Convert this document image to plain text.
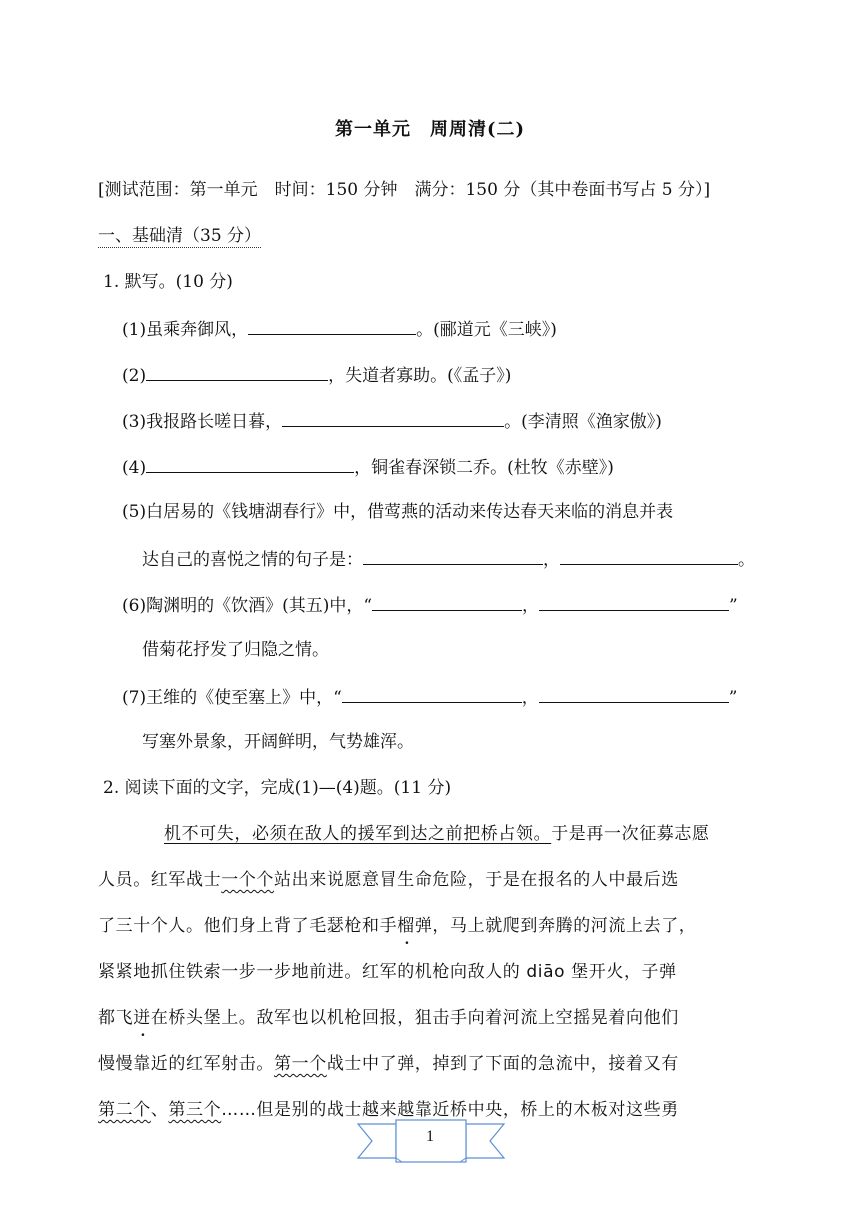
第一单元　周周清(二)
[测试范围：第一单元　时间：150 分钟　满分：150 分（其中卷面书写占 5 分）]
一、基础清（35 分）
1. 默写。(10 分)
(1)虽乘奔御风，	。(郦道元《三峡》)
(2)	，失道者寡助。(《孟子》)
(3)我报路长嗟日暮，	。(李清照《渔家傲》)
(4)	，铜雀春深锁二乔。(杜牧《赤壁》)
(5)白居易的《钱塘湖春行》中，借莺燕的活动来传达春天来临的消息并表
达自己的喜悦之情的句子是：	，	。
(6)陶渊明的《饮酒》(其五)中，“	，	”
借菊花抒发了归隐之情。
(7)王维的《使至塞上》中，“	，	”
写塞外景象，开阔鲜明，气势雄浑。
2. 阅读下面的文字，完成(1)—(4)题。(11 分)
机不可失，必须在敌人的援军到达之前把桥占领。于是再一次征募志愿
人员。红军战士一个个站出来说愿意冒生命危险，于是在报名的人中最后选
了三十个人。他们身上背了毛瑟枪和手榴弹，马上就爬到奔腾的河流上去了，
紧紧地抓住铁索一步一步地前进。红军的机枪向敌人的 diāo 堡开火，子弹
都飞迸在桥头堡上。敌军也以机枪回报，狙击手向着河流上空摇晃着向他们
慢慢靠近的红军射击。第一个战士中了弹，掉到了下面的急流中，接着又有
第二个、第三个……但是别的战士越来越靠近桥中央，桥上的木板对这些勇
1
